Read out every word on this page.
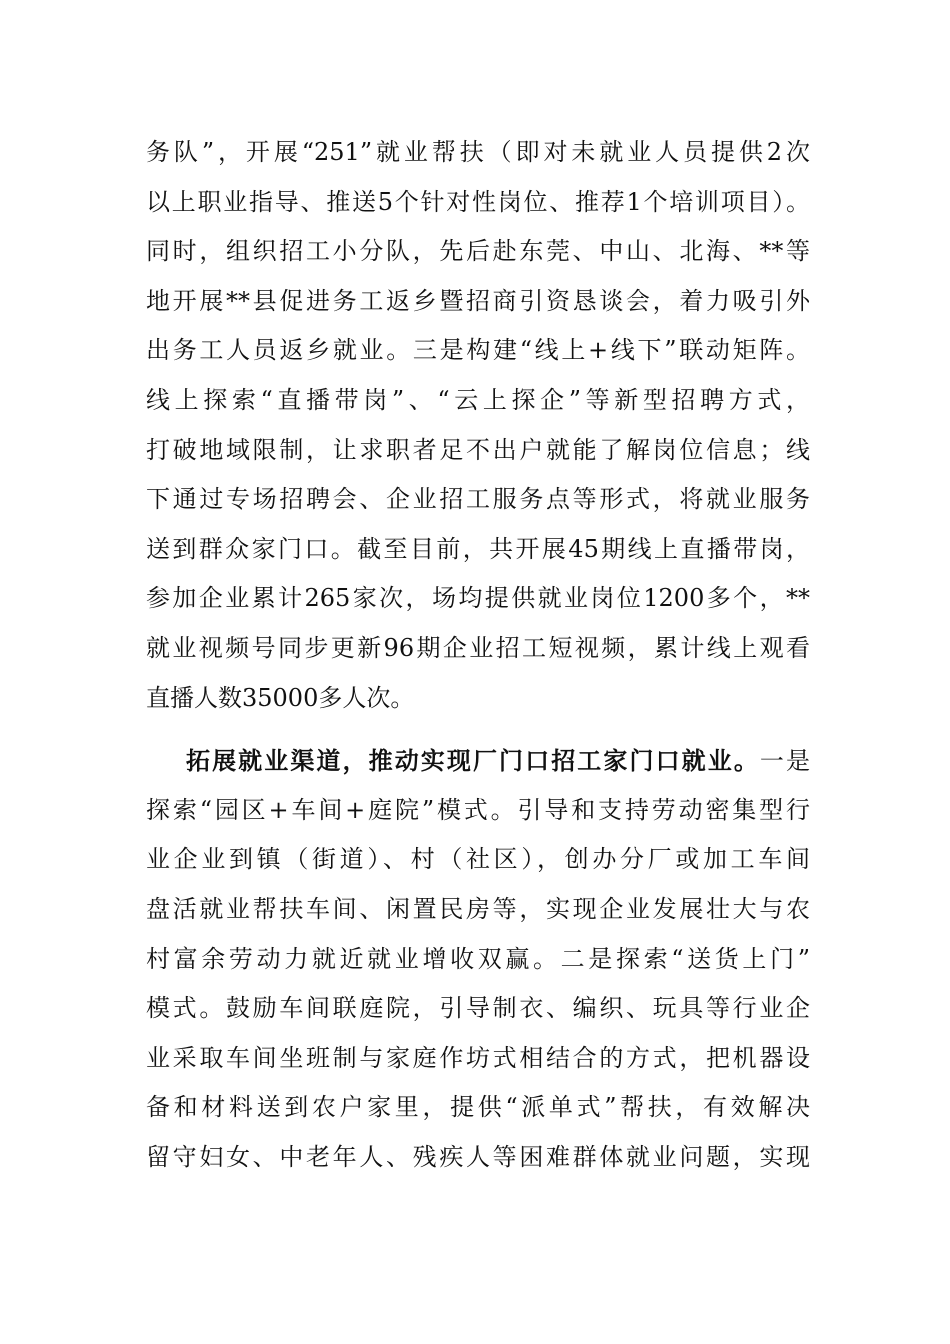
务队”，开展“251”就业帮扶（即对未就业人员提供2次
以上职业指导、推送5个针对性岗位、推荐1个培训项目）。
同时，组织招工小分队，先后赴东莞、中山、北海、**等
地开展**县促进务工返乡暨招商引资恳谈会，着力吸引外
出务工人员返乡就业。三是构建“线上+线下”联动矩阵。
线上探索“直播带岗”、“云上探企”等新型招聘方式，
打破地域限制，让求职者足不出户就能了解岗位信息；线
下通过专场招聘会、企业招工服务点等形式，将就业服务
送到群众家门口。截至目前，共开展45期线上直播带岗，
参加企业累计265家次，场均提供就业岗位1200多个，**
就业视频号同步更新96期企业招工短视频，累计线上观看
直播人数35000多人次。

拓展就业渠道，推动实现厂门口招工家门口就业。一是
探索“园区+车间+庭院”模式。引导和支持劳动密集型行
业企业到镇（街道）、村（社区），创办分厂或加工车间
盘活就业帮扶车间、闲置民房等，实现企业发展壮大与农
村富余劳动力就近就业增收双赢。二是探索“送货上门”
模式。鼓励车间联庭院，引导制衣、编织、玩具等行业企
业采取车间坐班制与家庭作坊式相结合的方式，把机器设
备和材料送到农户家里，提供“派单式”帮扶，有效解决
留守妇女、中老年人、残疾人等困难群体就业问题，实现
